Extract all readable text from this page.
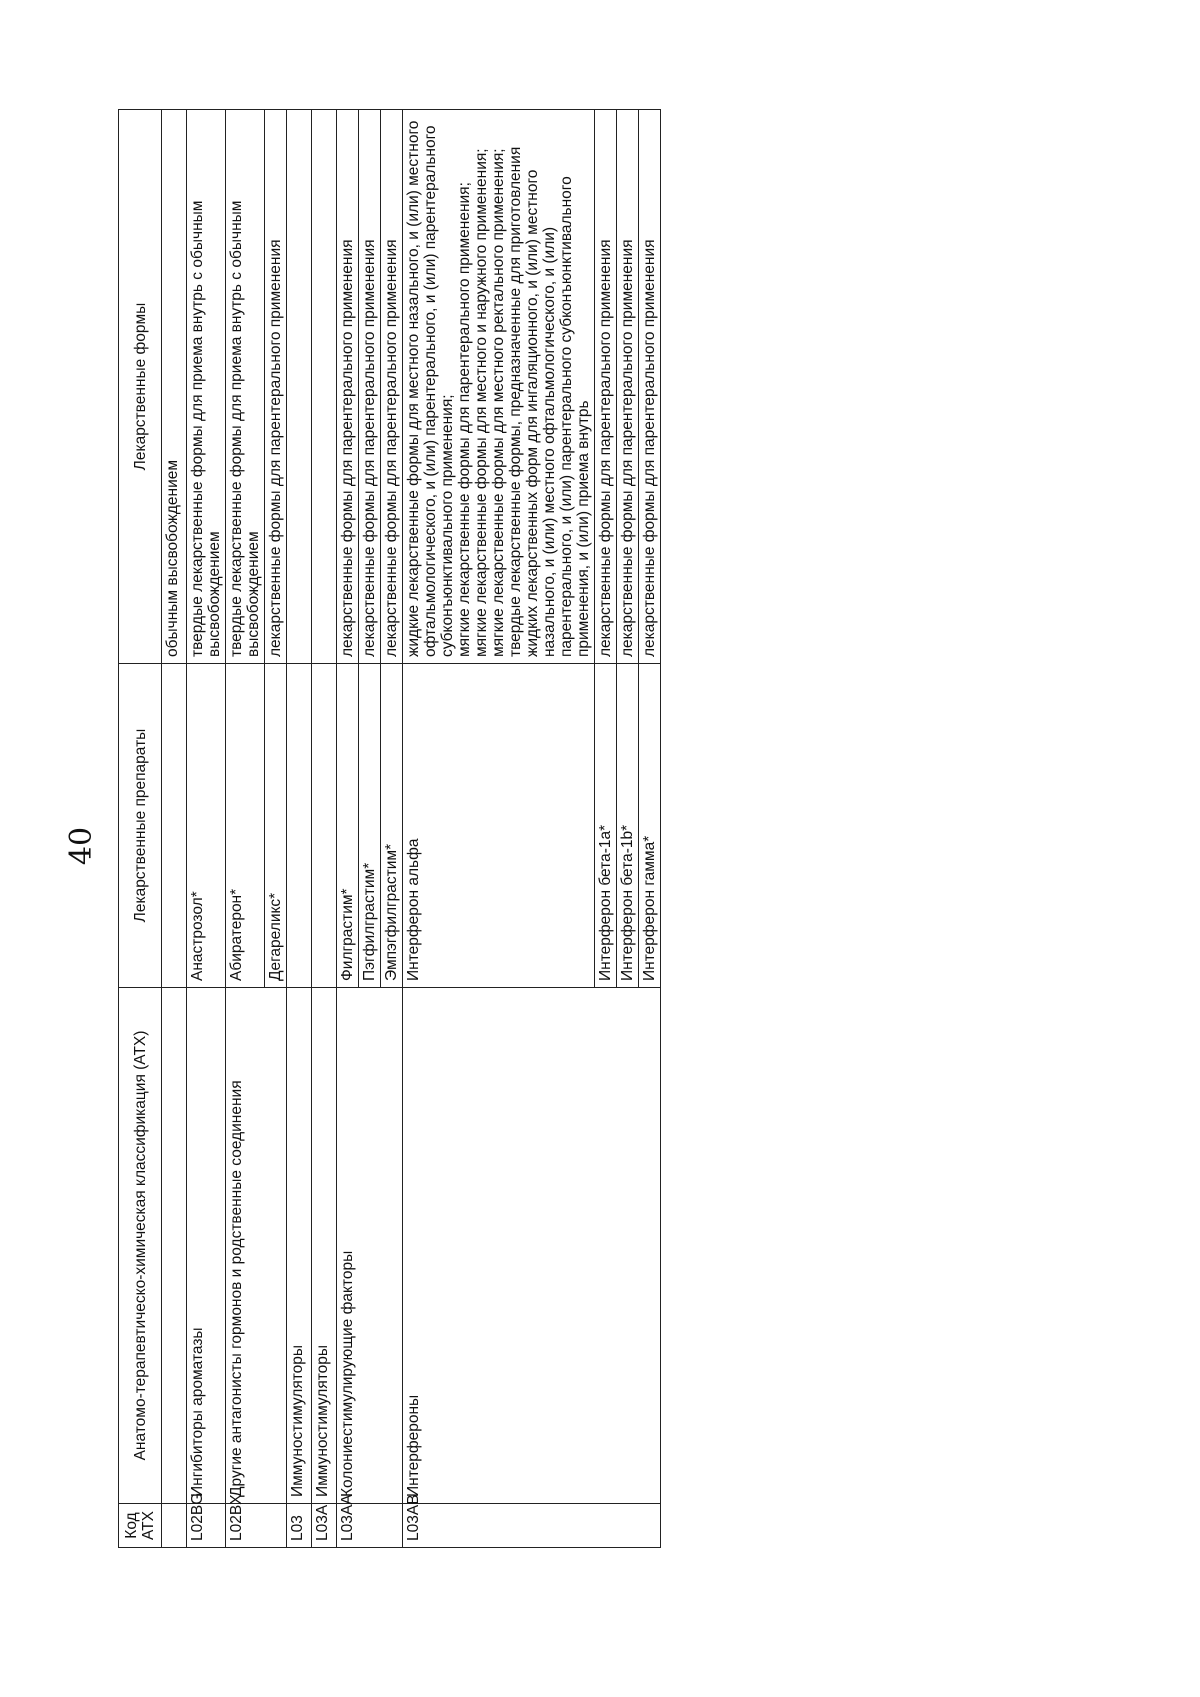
40
Код АТХ	Анатомо-терапевтическо-химическая классификация (АТХ)	Лекарственные препараты	Лекарственные формы
			обычным высвобождением
L02BG	Ингибиторы ароматазы	Анастрозол*	твердые лекарственные формы для приема внутрь с обычным высвобождением
L02BX	Другие антагонисты гормонов и родственные соединения	Абиратерон*	твердые лекарственные формы для приема внутрь с обычным высвобождением
		Дегареликс*	лекарственные формы для парентерального применения
L03	Иммуностимуляторы		
L03A	Иммуностимуляторы		
L03AA	Колониестимулирующие факторы	Филграстим*	лекарственные формы для парентерального применения
		Пэгфилграстим*	лекарственные формы для парентерального применения
		Эмпэгфилграстим*	лекарственные формы для парентерального применения
L03AB	Интерфероны	Интерферон альфа	жидкие лекарственные формы для местного назального, и (или) местного офтальмологического, и (или) парентерального, и (или) парентерального субконъюнктивального применения; мягкие лекарственные формы для парентерального применения; мягкие лекарственные формы для местного и наружного применения; мягкие лекарственные формы для местного ректального применения; твердые лекарственные формы, предназначенные для приготовления жидких лекарственных форм для ингаляционного, и (или) местного назального, и (или) местного офтальмологического, и (или) парентерального, и (или) парентерального субконъюнктивального применения, и (или) приема внутрь

		Интерферон бета-1a*	лекарственные формы для парентерального применения
		Интерферон бета-1b*	лекарственные формы для парентерального применения
		Интерферон гамма*	лекарственные формы для парентерального применения
